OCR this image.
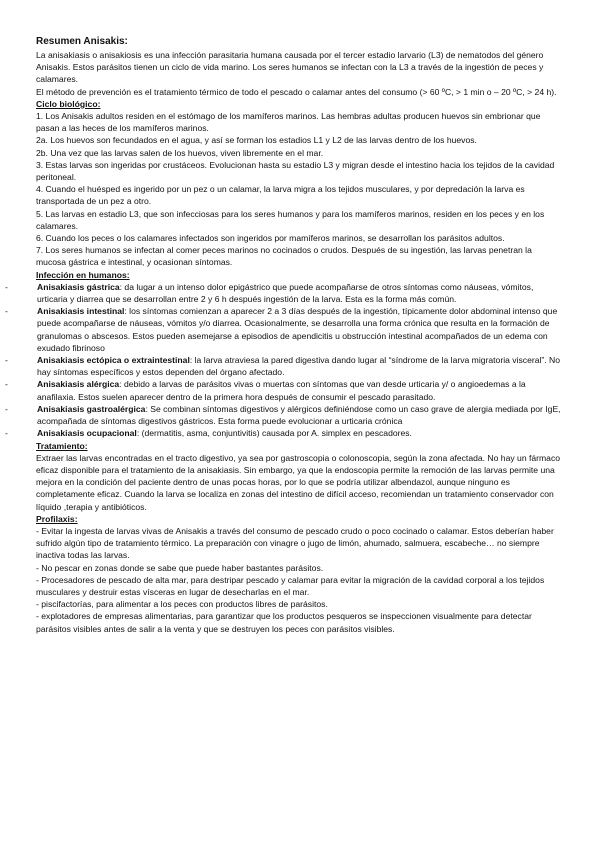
Resumen Anisakis:

La anisakiasis o anisakiosis es una infección parasitaria humana causada por el tercer estadio larvario (L3) de nematodos del género Anisakis. Estos parásitos tienen un ciclo de vida marino. Los seres humanos se infectan con la L3 a través de la ingestión de peces y calamares.

El método de prevención es el tratamiento térmico de todo el pescado o calamar antes del consumo (> 60 ºC, > 1 min o – 20 ºC, > 24 h).

Ciclo biológico:

1. Los Anisakis adultos residen en el estómago de los mamíferos marinos. Las hembras adultas producen huevos sin embrionar que pasan a las heces de los mamíferos marinos.

2a. Los huevos son fecundados en el agua, y así se forman los estadios L1 y L2 de las larvas dentro de los huevos.

2b. Una vez que las larvas salen de los huevos, viven libremente en el mar.

3. Estas larvas son ingeridas por crustáceos. Evolucionan hasta su estadio L3 y migran desde el intestino hacia los tejidos de la cavidad peritoneal.

4. Cuando el huésped es ingerido por un pez o un calamar, la larva migra a los tejidos musculares, y por depredación la larva es transportada de un pez a otro.

5. Las larvas en estadio L3, que son infecciosas para los seres humanos y para los mamíferos marinos, residen en los peces y en los calamares.

6. Cuando los peces o los calamares infectados son ingeridos por mamíferos marinos, se desarrollan los parásitos adultos.

7. Los seres humanos se infectan al comer peces marinos no cocinados o crudos. Después de su ingestión, las larvas penetran la mucosa gástrica e intestinal, y ocasionan síntomas.

Infección en humanos:
-	Anisakiasis gástrica: da lugar a un intenso dolor epigástrico que puede acompañarse de otros síntomas como náuseas, vómitos, urticaria y diarrea que se desarrollan entre 2 y 6 h después ingestión de la larva. Esta es la forma más común.
-	Anisakiasis intestinal: los síntomas comienzan a aparecer 2 a 3 días después de la ingestión, típicamente dolor abdominal intenso que puede acompañarse de náuseas, vómitos y/o diarrea. Ocasionalmente, se desarrolla una forma crónica que resulta en la formación de granulomas o abscesos. Estos pueden asemejarse a episodios de apendicitis u obstrucción intestinal acompañados de un edema con exudado fibrinoso
-	Anisakiasis ectópica o extraintestinal: la larva atraviesa la pared digestiva dando lugar al “síndrome de la larva migratoria visceral”. No hay síntomas específicos y estos dependen del órgano afectado.
-	Anisakiasis alérgica: debido a larvas de parásitos vivas o muertas con síntomas que van desde urticaria y/ o angioedemas a la anafilaxia. Estos suelen aparecer dentro de la primera hora después de consumir el pescado parasitado.
-	Anisakiasis gastroalérgica: Se combinan síntomas digestivos y alérgicos definiéndose como un caso grave de alergia mediada por IgE, acompañada de síntomas digestivos gástricos. Esta forma puede evolucionar a urticaria crónica
-	Anisakiasis ocupacional: (dermatitis, asma, conjuntivitis) causada por A. simplex en pescadores.
Tratamiento:

Extraer las larvas encontradas en el tracto digestivo, ya sea por gastroscopia o colonoscopia, según la zona afectada. No hay un fármaco eficaz disponible para el tratamiento de la anisakiasis. Sin embargo, ya que la endoscopia permite la remoción de las larvas permite una mejora en la condición del paciente dentro de unas pocas horas, por lo que se podría utilizar albendazol, aunque ninguno es completamente eficaz. Cuando la larva se localiza en zonas del intestino de difícil acceso, recomiendan un tratamiento conservador con líquido ,terapia y antibióticos.

Profilaxis:

- Evitar la ingesta de larvas vivas de Anisakis a través del consumo de pescado crudo o poco cocinado o calamar. Estos deberían haber sufrido algún tipo de tratamiento térmico. La preparación con vinagre o jugo de limón, ahumado, salmuera, escabeche… no siempre inactiva todas las larvas.

- No pescar en zonas donde se sabe que puede haber bastantes parásitos.

- Procesadores de pescado de alta mar, para destripar pescado y calamar para evitar la migración de la cavidad corporal a los tejidos musculares y destruir estas vísceras en lugar de desecharlas en el mar.

- piscifactorías, para alimentar a los peces con productos libres de parásitos.

- explotadores de empresas alimentarias, para garantizar que los productos pesqueros se inspeccionen visualmente para detectar parásitos visibles antes de salir a la venta y que se destruyen los peces con parásitos visibles.
